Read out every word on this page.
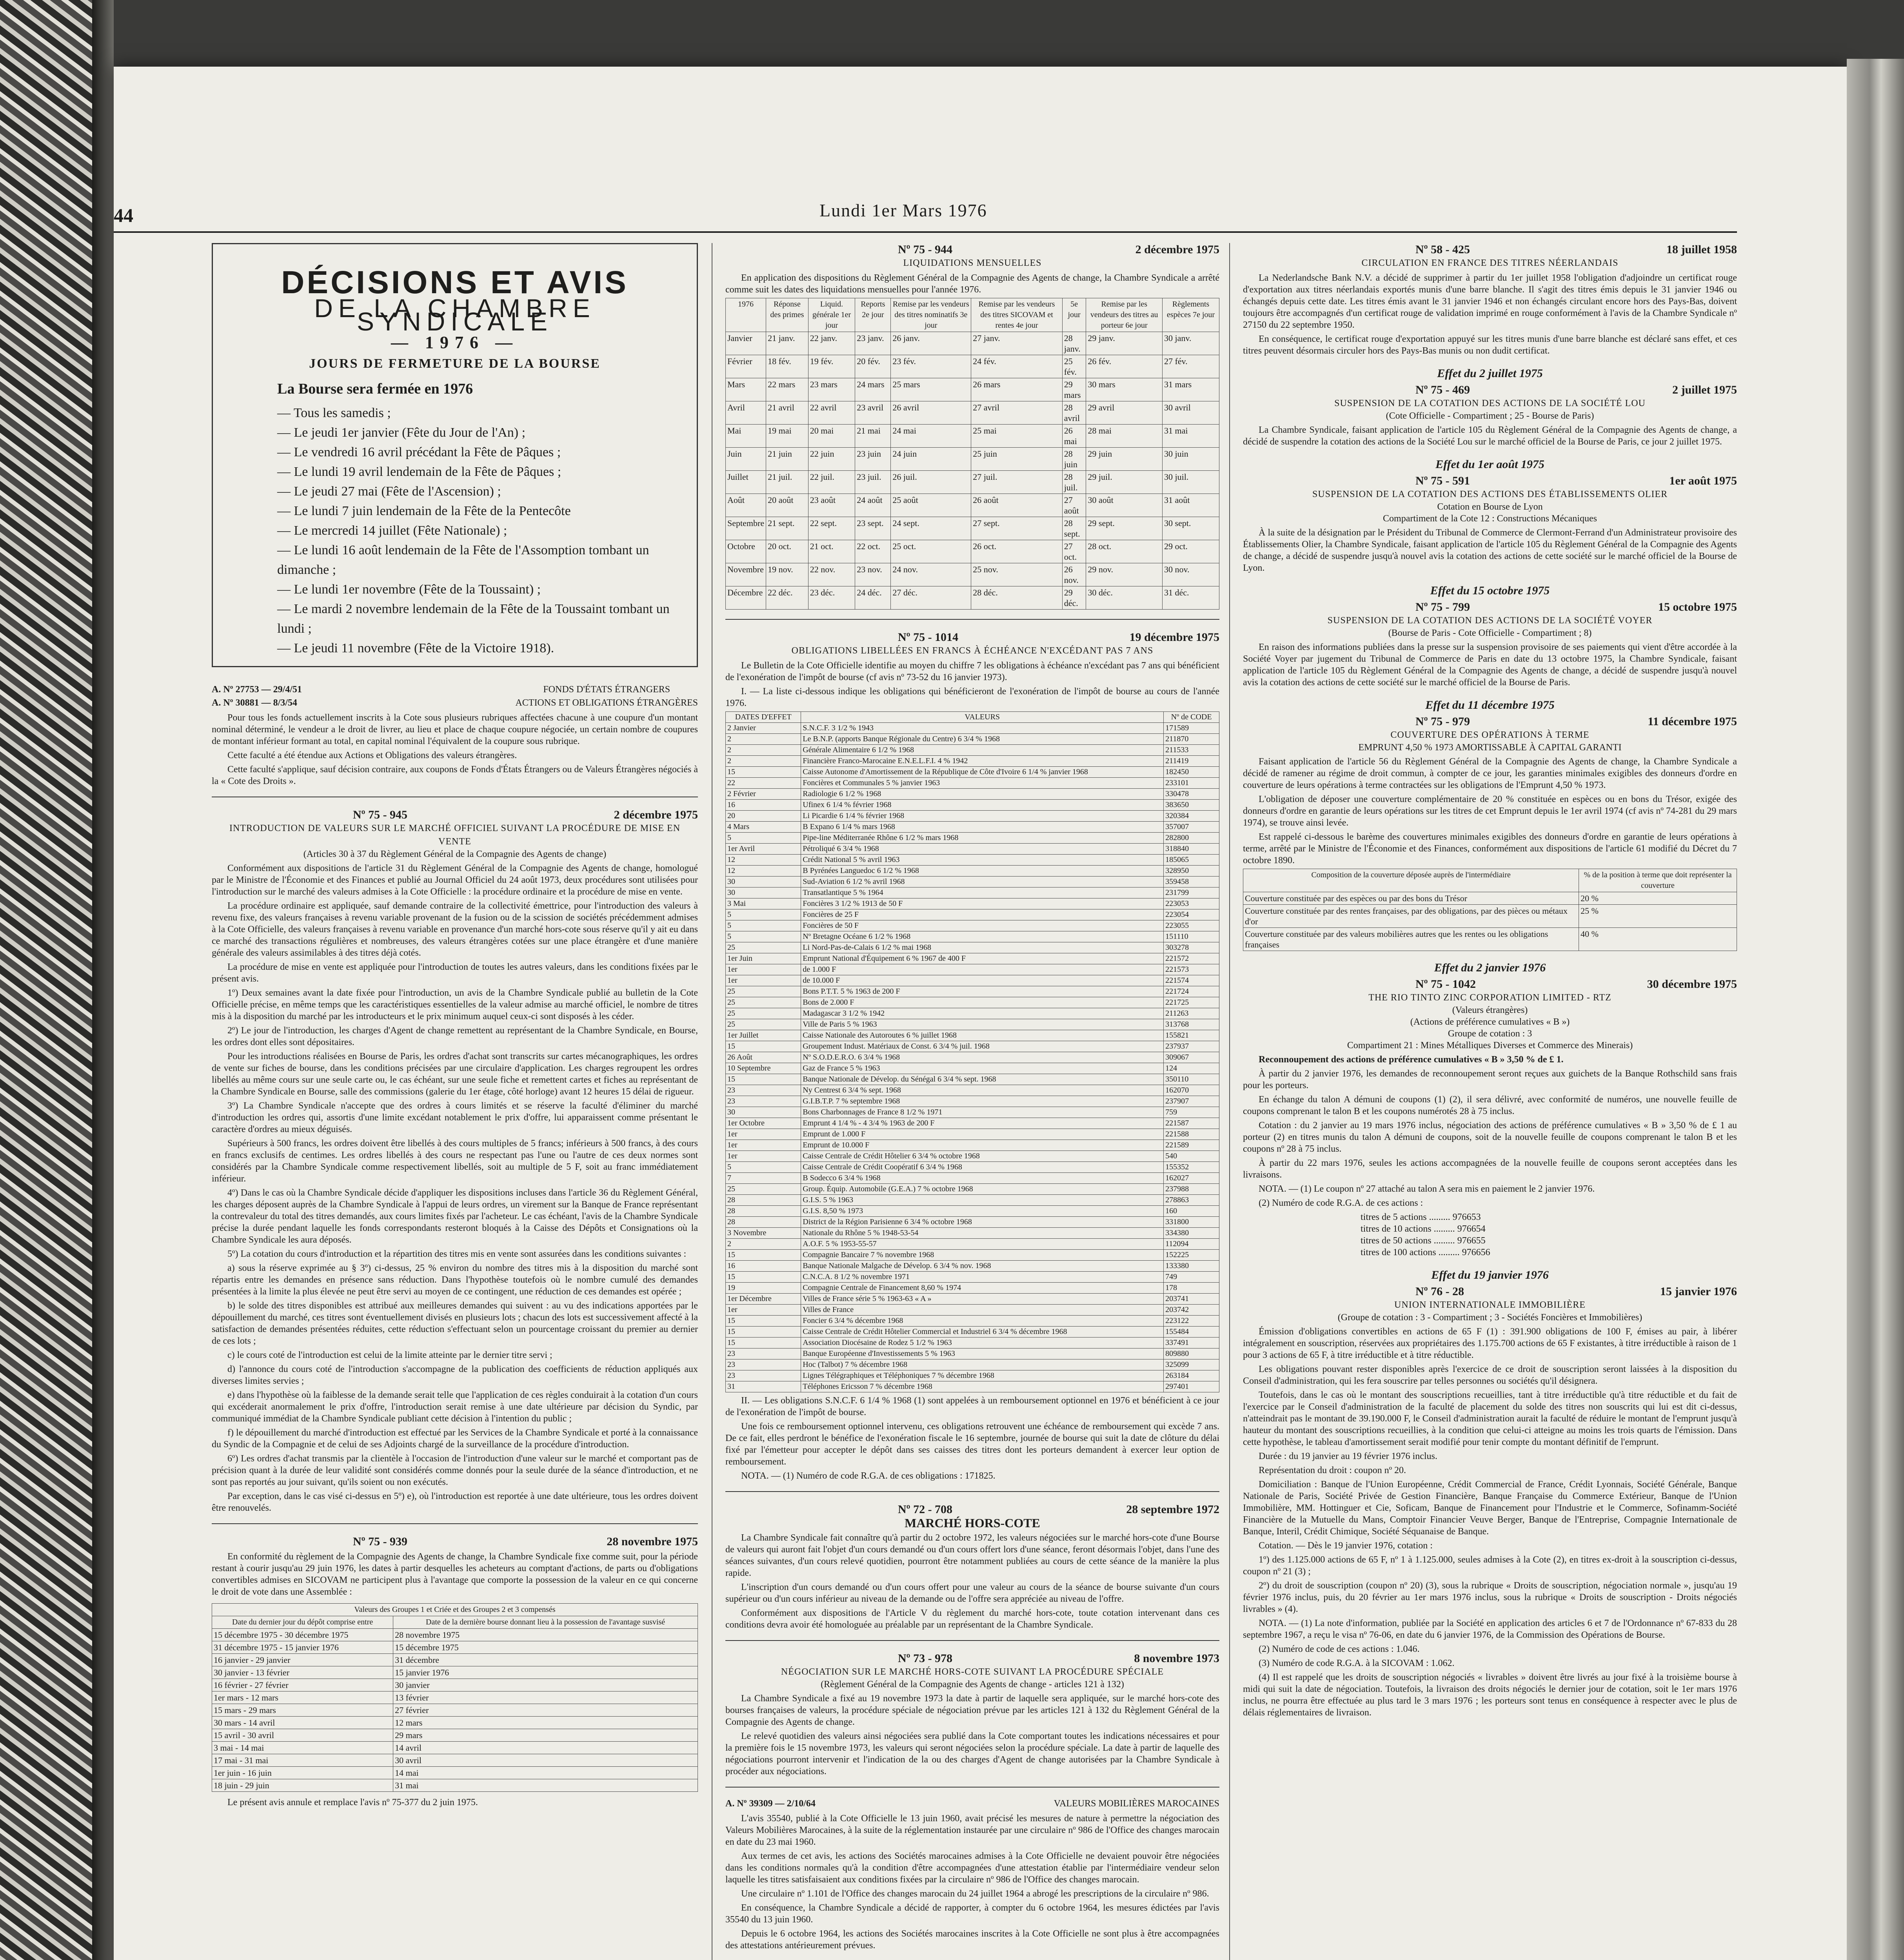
44	Lundi 1er Mars 1976
DÉCISIONS ET AVIS
DE LA CHAMBRE SYNDICALE
— 1976 —
JOURS DE FERMETURE DE LA BOURSE
La Bourse sera fermée en 1976
— Tous les samedis ;
— Le jeudi 1er janvier (Fête du Jour de l'An) ;
— Le vendredi 16 avril précédant la Fête de Pâques ;
— Le lundi 19 avril lendemain de la Fête de Pâques ;
— Le jeudi 27 mai (Fête de l'Ascension) ;
— Le lundi 7 juin lendemain de la Fête de la Pentecôte
— Le mercredi 14 juillet (Fête Nationale) ;
— Le lundi 16 août lendemain de la Fête de l'Assomption tombant un dimanche ;
— Le lundi 1er novembre (Fête de la Toussaint) ;
— Le mardi 2 novembre lendemain de la Fête de la Toussaint tombant un lundi ;
— Le jeudi 11 novembre (Fête de la Victoire 1918).
A. Nº 27753 — 29/4/51
A. Nº 30881 — 8/3/54
FONDS D'ÉTATS ÉTRANGERS
ACTIONS ET OBLIGATIONS ÉTRANGÈRES

Pour tous les fonds actuellement inscrits à la Cote sous plusieurs rubriques affectées chacune à une coupure d'un montant nominal déterminé, le vendeur a le droit de livrer, au lieu et place de chaque coupure négociée, un certain nombre de coupures de montant inférieur formant au total, en capital nominal l'équivalent de la coupure sous rubrique.

Cette faculté a été étendue aux Actions et Obligations des valeurs étrangères.

Cette faculté s'applique, sauf décision contraire, aux coupons de Fonds d'États Étrangers ou de Valeurs Étrangères négociés à la « Cote des Droits ».

Nº 75 - 945	2 décembre 1975
INTRODUCTION DE VALEURS SUR LE MARCHÉ OFFICIEL SUIVANT LA PROCÉDURE DE MISE EN VENTE
(Articles 30 à 37 du Règlement Général de la Compagnie des Agents de change)

Conformément aux dispositions de l'article 31 du Règlement Général de la Compagnie des Agents de change, homologué par le Ministre de l'Économie et des Finances et publié au Journal Officiel du 24 août 1973, deux procédures sont utilisées pour l'introduction sur le marché des valeurs admises à la Cote Officielle : la procédure ordinaire et la procédure de mise en vente.

La procédure ordinaire est appliquée, sauf demande contraire de la collectivité émettrice, pour l'introduction des valeurs à revenu fixe, des valeurs françaises à revenu variable provenant de la fusion ou de la scission de sociétés précédemment admises à la Cote Officielle, des valeurs françaises à revenu variable en provenance d'un marché hors-cote sous réserve qu'il y ait eu dans ce marché des transactions régulières et nombreuses, des valeurs étrangères cotées sur une place étrangère et d'une manière générale des valeurs assimilables à des titres déjà cotés.

La procédure de mise en vente est appliquée pour l'introduction de toutes les autres valeurs, dans les conditions fixées par le présent avis.

1º) Deux semaines avant la date fixée pour l'introduction, un avis de la Chambre Syndicale publié au bulletin de la Cote Officielle précise, en même temps que les caractéristiques essentielles de la valeur admise au marché officiel, le nombre de titres mis à la disposition du marché par les introducteurs et le prix minimum auquel ceux-ci sont disposés à les céder.

2º) Le jour de l'introduction, les charges d'Agent de change remettent au représentant de la Chambre Syndicale, en Bourse, les ordres dont elles sont dépositaires.

Pour les introductions réalisées en Bourse de Paris, les ordres d'achat sont transcrits sur cartes mécanographiques, les ordres de vente sur fiches de bourse, dans les conditions précisées par une circulaire d'application. Les charges regroupent les ordres libellés au même cours sur une seule carte ou, le cas échéant, sur une seule fiche et remettent cartes et fiches au représentant de la Chambre Syndicale en Bourse, salle des commissions (galerie du 1er étage, côté horloge) avant 12 heures 15 délai de rigueur.

3º) La Chambre Syndicale n'accepte que des ordres à cours limités et se réserve la faculté d'éliminer du marché d'introduction les ordres qui, assortis d'une limite excédant notablement le prix d'offre, lui apparaissent comme présentant le caractère d'ordres au mieux déguisés.

Supérieurs à 500 francs, les ordres doivent être libellés à des cours multiples de 5 francs; inférieurs à 500 francs, à des cours en francs exclusifs de centimes. Les ordres libellés à des cours ne respectant pas l'une ou l'autre de ces deux normes sont considérés par la Chambre Syndicale comme respectivement libellés, soit au multiple de 5 F, soit au franc immédiatement inférieur.

4º) Dans le cas où la Chambre Syndicale décide d'appliquer les dispositions incluses dans l'article 36 du Règlement Général, les charges déposent auprès de la Chambre Syndicale à l'appui de leurs ordres, un virement sur la Banque de France représentant la contrevaleur du total des titres demandés, aux cours limites fixés par l'acheteur. Le cas échéant, l'avis de la Chambre Syndicale précise la durée pendant laquelle les fonds correspondants resteront bloqués à la Caisse des Dépôts et Consignations où la Chambre Syndicale les aura déposés.

5º) La cotation du cours d'introduction et la répartition des titres mis en vente sont assurées dans les conditions suivantes :

a) sous la réserve exprimée au § 3º) ci-dessus, 25 % environ du nombre des titres mis à la disposition du marché sont répartis entre les demandes en présence sans réduction. Dans l'hypothèse toutefois où le nombre cumulé des demandes présentées à la limite la plus élevée ne peut être servi au moyen de ce contingent, une réduction de ces demandes est opérée ;

b) le solde des titres disponibles est attribué aux meilleures demandes qui suivent : au vu des indications apportées par le dépouillement du marché, ces titres sont éventuellement divisés en plusieurs lots ; chacun des lots est successivement affecté à la satisfaction de demandes présentées réduites, cette réduction s'effectuant selon un pourcentage croissant du premier au dernier de ces lots ;

c) le cours coté de l'introduction est celui de la limite atteinte par le dernier titre servi ;

d) l'annonce du cours coté de l'introduction s'accompagne de la publication des coefficients de réduction appliqués aux diverses limites servies ;

e) dans l'hypothèse où la faiblesse de la demande serait telle que l'application de ces règles conduirait à la cotation d'un cours qui excéderait anormalement le prix d'offre, l'introduction serait remise à une date ultérieure par décision du Syndic, par communiqué immédiat de la Chambre Syndicale publiant cette décision à l'intention du public ;

f) le dépouillement du marché d'introduction est effectué par les Services de la Chambre Syndicale et porté à la connaissance du Syndic de la Compagnie et de celui de ses Adjoints chargé de la surveillance de la procédure d'introduction.

6º) Les ordres d'achat transmis par la clientèle à l'occasion de l'introduction d'une valeur sur le marché et comportant pas de précision quant à la durée de leur validité sont considérés comme donnés pour la seule durée de la séance d'introduction, et ne sont pas reportés au jour suivant, qu'ils soient ou non exécutés.

Par exception, dans le cas visé ci-dessus en 5º) e), où l'introduction est reportée à une date ultérieure, tous les ordres doivent être renouvelés.

Nº 75 - 939	28 novembre 1975

En conformité du règlement de la Compagnie des Agents de change, la Chambre Syndicale fixe comme suit, pour la période restant à courir jusqu'au 29 juin 1976, les dates à partir desquelles les acheteurs au comptant d'actions, de parts ou d'obligations convertibles admises en SICOVAM ne participent plus à l'avantage que comporte la possession de la valeur en ce qui concerne le droit de vote dans une Assemblée :

Valeurs des Groupes 1 et Criée et des Groupes 2 et 3 compensés	
Date du dernier jour du dépôt comprise entre	Date de la dernière bourse donnant lieu à la possession de l'avantage susvisé
15 décembre 1975 - 30 décembre 1975	28 novembre 1975
31 décembre 1975 - 15 janvier 1976	15 décembre 1975
16 janvier - 29 janvier	31 décembre
30 janvier - 13 février	15 janvier 1976
16 février - 27 février	30 janvier
1er mars - 12 mars	13 février
15 mars - 29 mars	27 février
30 mars - 14 avril	12 mars
15 avril - 30 avril	29 mars
3 mai - 14 mai	14 avril
17 mai - 31 mai	30 avril
1er juin - 16 juin	14 mai
18 juin - 29 juin	31 mai

Le présent avis annule et remplace l'avis nº 75-377 du 2 juin 1975.

Nº 75 - 944	2 décembre 1975
LIQUIDATIONS MENSUELLES

En application des dispositions du Règlement Général de la Compagnie des Agents de change, la Chambre Syndicale a arrêté comme suit les dates des liquidations mensuelles pour l'année 1976.

1976	Réponse des primes	Liquid. générale 1er jour	Reports 2e jour	Remise par les vendeurs des titres nominatifs 3e jour	Remise par les vendeurs des titres SICOVAM et rentes 4e jour	5e jour	Remise par les vendeurs des titres au porteur 6e jour	Règlements espèces 7e jour
Janvier	21 janv.	22 janv.	23 janv.	26 janv.	27 janv.	28 janv.	29 janv.	30 janv.
Février	18 fév.	19 fév.	20 fév.	23 fév.	24 fév.	25 fév.	26 fév.	27 fév.
Mars	22 mars	23 mars	24 mars	25 mars	26 mars	29 mars	30 mars	31 mars
Avril	21 avril	22 avril	23 avril	26 avril	27 avril	28 avril	29 avril	30 avril
Mai	19 mai	20 mai	21 mai	24 mai	25 mai	26 mai	28 mai	31 mai
Juin	21 juin	22 juin	23 juin	24 juin	25 juin	28 juin	29 juin	30 juin
Juillet	21 juil.	22 juil.	23 juil.	26 juil.	27 juil.	28 juil.	29 juil.	30 juil.
Août	20 août	23 août	24 août	25 août	26 août	27 août	30 août	31 août
Septembre	21 sept.	22 sept.	23 sept.	24 sept.	27 sept.	28 sept.	29 sept.	30 sept.
Octobre	20 oct.	21 oct.	22 oct.	25 oct.	26 oct.	27 oct.	28 oct.	29 oct.
Novembre	19 nov.	22 nov.	23 nov.	24 nov.	25 nov.	26 nov.	29 nov.	30 nov.
Décembre	22 déc.	23 déc.	24 déc.	27 déc.	28 déc.	29 déc.	30 déc.	31 déc.
Nº 75 - 1014	19 décembre 1975
OBLIGATIONS LIBELLÉES EN FRANCS À ÉCHÉANCE N'EXCÉDANT PAS 7 ANS

Le Bulletin de la Cote Officielle identifie au moyen du chiffre 7 les obligations à échéance n'excédant pas 7 ans qui bénéficient de l'exonération de l'impôt de bourse (cf avis nº 73-52 du 16 janvier 1973).

I. — La liste ci-dessous indique les obligations qui bénéficieront de l'exonération de l'impôt de bourse au cours de l'année 1976.

DATES D'EFFET	VALEURS	Nº de CODE
2 Janvier	S.N.C.F. 3 1/2 % 1943	171589
2	Le B.N.P. (apports Banque Régionale du Centre) 6 3/4 % 1968	211870
2	Générale Alimentaire 6 1/2 % 1968	211533
2	Financière Franco-Marocaine E.N.E.L.F.I. 4 % 1942	211419
15	Caisse Autonome d'Amortissement de la République de Côte d'Ivoire 6 1/4 % janvier 1968	182450
22	Foncières et Communales 5 % janvier 1963	233101
2 Février	Radiologie 6 1/2 % 1968	330478
16	Ufinex 6 1/4 % février 1968	383650
20	Li Picardie 6 1/4 % février 1968	320384
4 Mars	B Expano 6 1/4 % mars 1968	357007
5	Pipe-line Méditerranée Rhône 6 1/2 % mars 1968	282800
1er Avril	Pétroliqué 6 3/4 % 1968	318840
12	Crédit National 5 % avril 1963	185065
12	B Pyrénées Languedoc 6 1/2 % 1968	328950
30	Sud-Aviation 6 1/2 % avril 1968	359458
30	Transatlantique 5 % 1964	231799
3 Mai	Foncières 3 1/2 % 1913 de 50 F	223053
5	Foncières de 25 F	223054
5	Foncières de 50 F	223055
5	Nº Bretagne Océane 6 1/2 % 1968	151110
25	Li Nord-Pas-de-Calais 6 1/2 % mai 1968	303278
1er Juin	Emprunt National d'Équipement 6 % 1967 de 400 F	221572
1er	de 1.000 F	221573
1er	de 10.000 F	221574
25	Bons P.T.T. 5 % 1963 de 200 F	221724
25	Bons de 2.000 F	221725
25	Madagascar 3 1/2 % 1942	211263
25	Ville de Paris 5 % 1963	313768
1er Juillet	Caisse Nationale des Autoroutes 6 % juillet 1968	155821
15	Groupement Indust. Matériaux de Const. 6 3/4 % juil. 1968	237937
26 Août	Nº S.O.D.E.R.O. 6 3/4 % 1968	309067
10 Septembre	Gaz de France 5 % 1963	124
15	Banque Nationale de Dévelop. du Sénégal 6 3/4 % sept. 1968	350110
23	Ny Centrest 6 3/4 % sept. 1968	162070
23	G.I.B.T.P. 7 % septembre 1968	237907
30	Bons Charbonnages de France 8 1/2 % 1971	759
1er Octobre	Emprunt 4 1/4 % - 4 3/4 % 1963 de 200 F	221587
1er	Emprunt de 1.000 F	221588
1er	Emprunt de 10.000 F	221589
1er	Caisse Centrale de Crédit Hôtelier 6 3/4 % octobre 1968	540
5	Caisse Centrale de Crédit Coopératif 6 3/4 % 1968	155352
7	B Sodecco 6 3/4 % 1968	162027
25	Group. Équip. Automobile (G.E.A.) 7 % octobre 1968	237988
28	G.I.S. 5 % 1963	278863
28	G.I.S. 8,50 % 1973	160
28	District de la Région Parisienne 6 3/4 % octobre 1968	331800
3 Novembre	Nationale du Rhône 5 % 1948-53-54	334380
2	A.O.F. 5 % 1953-55-57	112094
15	Compagnie Bancaire 7 % novembre 1968	152225
16	Banque Nationale Malgache de Dévelop. 6 3/4 % nov. 1968	133380
15	C.N.C.A. 8 1/2 % novembre 1971	749
19	Compagnie Centrale de Financement 8,60 % 1974	178
1er Décembre	Villes de France série 5 % 1963-63 « A »	203741
1er	Villes de France	203742
15	Foncier 6 3/4 % décembre 1968	223122
15	Caisse Centrale de Crédit Hôtelier Commercial et Industriel 6 3/4 % décembre 1968	155484
15	Association Diocésaine de Rodez 5 1/2 % 1963	337491
23	Banque Européenne d'Investissements 5 % 1963	809880
23	Hoc (Talbot) 7 % décembre 1968	325099
23	Lignes Télégraphiques et Téléphoniques 7 % décembre 1968	263184
31	Téléphones Ericsson 7 % décembre 1968	297401

II. — Les obligations S.N.C.F. 6 1/4 % 1968 (1) sont appelées à un remboursement optionnel en 1976 et bénéficient à ce jour de l'exonération de l'impôt de bourse.

Une fois ce remboursement optionnel intervenu, ces obligations retrouvent une échéance de remboursement qui excède 7 ans. De ce fait, elles perdront le bénéfice de l'exonération fiscale le 16 septembre, journée de bourse qui suit la date de clôture du délai fixé par l'émetteur pour accepter le dépôt dans ses caisses des titres dont les porteurs demandent à exercer leur option de remboursement.

NOTA. — (1) Numéro de code R.G.A. de ces obligations : 171825.

Nº 72 - 708	28 septembre 1972
MARCHÉ HORS-COTE

La Chambre Syndicale fait connaître qu'à partir du 2 octobre 1972, les valeurs négociées sur le marché hors-cote d'une Bourse de valeurs qui auront fait l'objet d'un cours demandé ou d'un cours offert lors d'une séance, feront désormais l'objet, dans l'une des séances suivantes, d'un cours relevé quotidien, pourront être notamment publiées au cours de cette séance de la manière la plus rapide.

L'inscription d'un cours demandé ou d'un cours offert pour une valeur au cours de la séance de bourse suivante d'un cours supérieur ou d'un cours inférieur au niveau de la demande ou de l'offre sera appréciée au niveau de l'offre.

Conformément aux dispositions de l'Article V du règlement du marché hors-cote, toute cotation intervenant dans ces conditions devra avoir été homologuée au préalable par un représentant de la Chambre Syndicale.

Nº 73 - 978	8 novembre 1973
NÉGOCIATION SUR LE MARCHÉ HORS-COTE SUIVANT LA PROCÉDURE SPÉCIALE
(Règlement Général de la Compagnie des Agents de change - articles 121 à 132)

La Chambre Syndicale a fixé au 19 novembre 1973 la date à partir de laquelle sera appliquée, sur le marché hors-cote des bourses françaises de valeurs, la procédure spéciale de négociation prévue par les articles 121 à 132 du Règlement Général de la Compagnie des Agents de change.

Le relevé quotidien des valeurs ainsi négociées sera publié dans la Cote comportant toutes les indications nécessaires et pour la première fois le 15 novembre 1973, les valeurs qui seront négociées selon la procédure spéciale. La date à partir de laquelle des négociations pourront intervenir et l'indication de la ou des charges d'Agent de change autorisées par la Chambre Syndicale à procéder aux négociations.

A. Nº 39309 — 2/10/64	VALEURS MOBILIÈRES MAROCAINES

L'avis 35540, publié à la Cote Officielle le 13 juin 1960, avait précisé les mesures de nature à permettre la négociation des Valeurs Mobilières Marocaines, à la suite de la réglementation instaurée par une circulaire nº 986 de l'Office des changes marocain en date du 23 mai 1960.

Aux termes de cet avis, les actions des Sociétés marocaines admises à la Cote Officielle ne devaient pouvoir être négociées dans les conditions normales qu'à la condition d'être accompagnées d'une attestation établie par l'intermédiaire vendeur selon laquelle les titres satisfaisaient aux conditions fixées par la circulaire nº 986 de l'Office des changes marocain.

Une circulaire nº 1.101 de l'Office des changes marocain du 24 juillet 1964 a abrogé les prescriptions de la circulaire nº 986.

En conséquence, la Chambre Syndicale a décidé de rapporter, à compter du 6 octobre 1964, les mesures édictées par l'avis 35540 du 13 juin 1960.

Depuis le 6 octobre 1964, les actions des Sociétés marocaines inscrites à la Cote Officielle ne sont plus à être accompagnées des attestations antérieurement prévues.

Nº 58 - 425	18 juillet 1958
CIRCULATION EN FRANCE DES TITRES NÉERLANDAIS

La Nederlandsche Bank N.V. a décidé de supprimer à partir du 1er juillet 1958 l'obligation d'adjoindre un certificat rouge d'exportation aux titres néerlandais exportés munis d'une barre blanche. Il s'agit des titres émis depuis le 31 janvier 1946 ou échangés depuis cette date. Les titres émis avant le 31 janvier 1946 et non échangés circulant encore hors des Pays-Bas, doivent toujours être accompagnés d'un certificat rouge de validation imprimé en rouge conformément à l'avis de la Chambre Syndicale nº 27150 du 22 septembre 1950.

En conséquence, le certificat rouge d'exportation appuyé sur les titres munis d'une barre blanche est déclaré sans effet, et ces titres peuvent désormais circuler hors des Pays-Bas munis ou non dudit certificat.

Effet du 2 juillet 1975
Nº 75 - 469	2 juillet 1975
SUSPENSION DE LA COTATION DES ACTIONS DE LA SOCIÉTÉ LOU
(Cote Officielle - Compartiment ; 25 - Bourse de Paris)

La Chambre Syndicale, faisant application de l'article 105 du Règlement Général de la Compagnie des Agents de change, a décidé de suspendre la cotation des actions de la Société Lou sur le marché officiel de la Bourse de Paris, ce jour 2 juillet 1975.

Effet du 1er août 1975
Nº 75 - 591	1er août 1975
SUSPENSION DE LA COTATION DES ACTIONS DES ÉTABLISSEMENTS OLIER
Cotation en Bourse de Lyon
Compartiment de la Cote 12 : Constructions Mécaniques

À la suite de la désignation par le Président du Tribunal de Commerce de Clermont-Ferrand d'un Administrateur provisoire des Établissements Olier, la Chambre Syndicale, faisant application de l'article 105 du Règlement Général de la Compagnie des Agents de change, a décidé de suspendre jusqu'à nouvel avis la cotation des actions de cette société sur le marché officiel de la Bourse de Lyon.

Effet du 15 octobre 1975
Nº 75 - 799	15 octobre 1975
SUSPENSION DE LA COTATION DES ACTIONS DE LA SOCIÉTÉ VOYER
(Bourse de Paris - Cote Officielle - Compartiment ; 8)

En raison des informations publiées dans la presse sur la suspension provisoire de ses paiements qui vient d'être accordée à la Société Voyer par jugement du Tribunal de Commerce de Paris en date du 13 octobre 1975, la Chambre Syndicale, faisant application de l'article 105 du Règlement Général de la Compagnie des Agents de change, a décidé de suspendre jusqu'à nouvel avis la cotation des actions de cette société sur le marché officiel de la Bourse de Paris.

Effet du 11 décembre 1975
Nº 75 - 979	11 décembre 1975
COUVERTURE DES OPÉRATIONS À TERME
EMPRUNT 4,50 % 1973 AMORTISSABLE À CAPITAL GARANTI

Faisant application de l'article 56 du Règlement Général de la Compagnie des Agents de change, la Chambre Syndicale a décidé de ramener au régime de droit commun, à compter de ce jour, les garanties minimales exigibles des donneurs d'ordre en couverture de leurs opérations à terme contractées sur les obligations de l'Emprunt 4,50 % 1973.

L'obligation de déposer une couverture complémentaire de 20 % constituée en espèces ou en bons du Trésor, exigée des donneurs d'ordre en garantie de leurs opérations sur les titres de cet Emprunt depuis le 1er avril 1974 (cf avis nº 74-281 du 29 mars 1974), se trouve ainsi levée.

Est rappelé ci-dessous le barème des couvertures minimales exigibles des donneurs d'ordre en garantie de leurs opérations à terme, arrêté par le Ministre de l'Économie et des Finances, conformément aux dispositions de l'article 61 modifié du Décret du 7 octobre 1890.

Composition de la couverture déposée auprès de l'intermédiaire	% de la position à terme que doit représenter la couverture
Couverture constituée par des espèces ou par des bons du Trésor	20 %
Couverture constituée par des rentes françaises, par des obligations, par des pièces ou métaux d'or	25 %
Couverture constituée par des valeurs mobilières autres que les rentes ou les obligations françaises	40 %
Effet du 2 janvier 1976
Nº 75 - 1042	30 décembre 1975
THE RIO TINTO ZINC CORPORATION LIMITED - RTZ
(Valeurs étrangères)
(Actions de préférence cumulatives « B »)
Groupe de cotation : 3
Compartiment 21 : Mines Métalliques Diverses et Commerce des Minerais)

Reconnoupement des actions de préférence cumulatives « B » 3,50 % de £ 1.

À partir du 2 janvier 1976, les demandes de reconnoupement seront reçues aux guichets de la Banque Rothschild sans frais pour les porteurs.

En échange du talon A démuni de coupons (1) (2), il sera délivré, avec conformité de numéros, une nouvelle feuille de coupons comprenant le talon B et les coupons numérotés 28 à 75 inclus.

Cotation : du 2 janvier au 19 mars 1976 inclus, négociation des actions de préférence cumulatives « B » 3,50 % de £ 1 au porteur (2) en titres munis du talon A démuni de coupons, soit de la nouvelle feuille de coupons comprenant le talon B et les coupons nº 28 à 75 inclus.

À partir du 22 mars 1976, seules les actions accompagnées de la nouvelle feuille de coupons seront acceptées dans les livraisons.

NOTA. — (1) Le coupon nº 27 attaché au talon A sera mis en paiement le 2 janvier 1976.

(2) Numéro de code R.G.A. de ces actions :

titres de 5 actions ......... 976653
titres de 10 actions ......... 976654
titres de 50 actions ......... 976655
titres de 100 actions ......... 976656
Effet du 19 janvier 1976
Nº 76 - 28	15 janvier 1976
UNION INTERNATIONALE IMMOBILIÈRE
(Groupe de cotation : 3 - Compartiment ; 3 - Sociétés Foncières et Immobilières)

Émission d'obligations convertibles en actions de 65 F (1) : 391.900 obligations de 100 F, émises au pair, à libérer intégralement en souscription, réservées aux propriétaires des 1.175.700 actions de 65 F existantes, à titre irréductible à raison de 1 pour 3 actions de 65 F, à titre irréductible et à titre réductible.

Les obligations pouvant rester disponibles après l'exercice de ce droit de souscription seront laissées à la disposition du Conseil d'administration, qui les fera souscrire par telles personnes ou sociétés qu'il désignera.

Toutefois, dans le cas où le montant des souscriptions recueillies, tant à titre irréductible qu'à titre réductible et du fait de l'exercice par le Conseil d'administration de la faculté de placement du solde des titres non souscrits qui lui est dit ci-dessus, n'atteindrait pas le montant de 39.190.000 F, le Conseil d'administration aurait la faculté de réduire le montant de l'emprunt jusqu'à hauteur du montant des souscriptions recueillies, à la condition que celui-ci atteigne au moins les trois quarts de l'émission. Dans cette hypothèse, le tableau d'amortissement serait modifié pour tenir compte du montant définitif de l'emprunt.

Durée : du 19 janvier au 19 février 1976 inclus.

Représentation du droit : coupon nº 20.

Domiciliation : Banque de l'Union Européenne, Crédit Commercial de France, Crédit Lyonnais, Société Générale, Banque Nationale de Paris, Société Privée de Gestion Financière, Banque Française du Commerce Extérieur, Banque de l'Union Immobilière, MM. Hottinguer et Cie, Soficam, Banque de Financement pour l'Industrie et le Commerce, Sofinamm-Société Financière de la Mutuelle du Mans, Comptoir Financier Veuve Berger, Banque de l'Entreprise, Compagnie Internationale de Banque, Interil, Crédit Chimique, Société Séquanaise de Banque.

Cotation. — Dès le 19 janvier 1976, cotation :

1º) des 1.125.000 actions de 65 F, nº 1 à 1.125.000, seules admises à la Cote (2), en titres ex-droit à la souscription ci-dessus, coupon nº 21 (3) ;

2º) du droit de souscription (coupon nº 20) (3), sous la rubrique « Droits de souscription, négociation normale », jusqu'au 19 février 1976 inclus, puis, du 20 février au 1er mars 1976 inclus, sous la rubrique « Droits de souscription - Droits négociés livrables » (4).

NOTA. — (1) La note d'information, publiée par la Société en application des articles 6 et 7 de l'Ordonnance nº 67-833 du 28 septembre 1967, a reçu le visa nº 76-06, en date du 6 janvier 1976, de la Commission des Opérations de Bourse.

(2) Numéro de code de ces actions : 1.046.

(3) Numéro de code R.G.A. à la SICOVAM : 1.062.

(4) Il est rappelé que les droits de souscription négociés « livrables » doivent être livrés au jour fixé à la troisième bourse à midi qui suit la date de négociation. Toutefois, la livraison des droits négociés le dernier jour de cotation, soit le 1er mars 1976 inclus, ne pourra être effectuée au plus tard le 3 mars 1976 ; les porteurs sont tenus en conséquence à respecter avec le plus de délais réglementaires de livraison.
